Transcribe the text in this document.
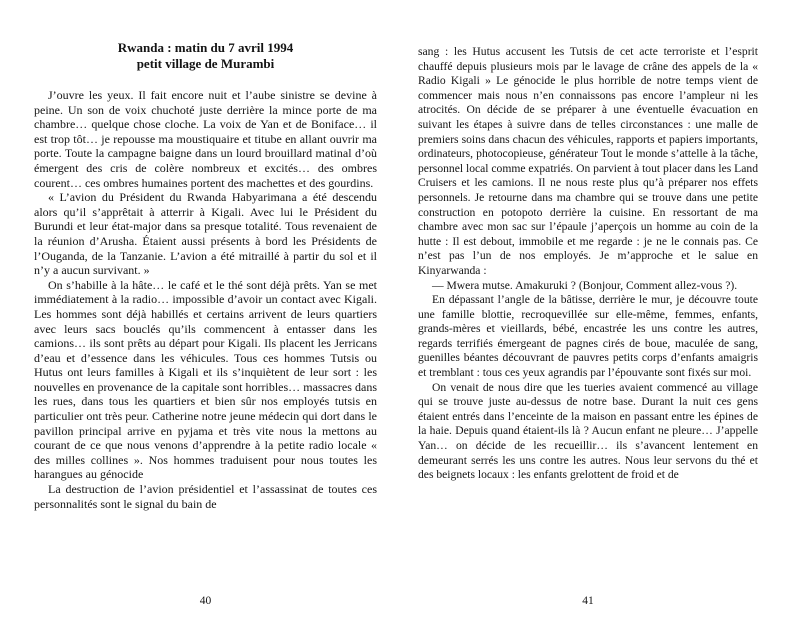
Rwanda : matin du 7 avril 1994
petit village de Murambi

J’ouvre les yeux. Il fait encore nuit et l’aube sinistre se devine à peine. Un son de voix chuchoté juste derrière la mince porte de ma chambre… quelque chose cloche. La voix de Yan et de Boniface… il est trop tôt… je repousse ma moustiquaire et titube en allant ouvrir ma porte. Toute la campagne baigne dans un lourd brouillard matinal d’où émergent des cris de colère nombreux et excités… des ombres courent… ces ombres humaines portent des machettes et des gourdins.

« L’avion du Président du Rwanda Habyarimana a été descendu alors qu’il s’apprêtait à atterrir à Kigali. Avec lui le Président du Burundi et leur état-major dans sa presque totalité. Tous revenaient de la réunion d’Arusha. Étaient aussi présents à bord les Présidents de l’Ouganda, de la Tanzanie. L’avion a été mitraillé à partir du sol et il n’y a aucun survivant. »

On s’habille à la hâte… le café et le thé sont déjà prêts. Yan se met immédiatement à la radio… impossible d’avoir un contact avec Kigali. Les hommes sont déjà habillés et certains arrivent de leurs quartiers avec leurs sacs bouclés qu’ils commencent à entasser dans les camions… ils sont prêts au départ pour Kigali. Ils placent les Jerricans d’eau et d’essence dans les véhicules. Tous ces hommes Tutsis ou Hutus ont leurs familles à Kigali et ils s’inquiètent de leur sort : les nouvelles en provenance de la capitale sont horribles… massacres dans les rues, dans tous les quartiers et bien sûr nos employés tutsis en particulier ont très peur. Catherine notre jeune médecin qui dort dans le pavillon principal arrive en pyjama et très vite nous la mettons au courant de ce que nous venons d’apprendre à la petite radio locale « des milles collines ». Nos hommes traduisent pour nous toutes les harangues au génocide

La destruction de l’avion présidentiel et l’assassinat de toutes ces personnalités sont le signal du bain de

sang : les Hutus accusent les Tutsis de cet acte terroriste et l’esprit chauffé depuis plusieurs mois par le lavage de crâne des appels de la « Radio Kigali » Le génocide le plus horrible de notre temps vient de commencer mais nous n’en connaissons pas encore l’ampleur ni les atrocités. On décide de se préparer à une éventuelle évacuation en suivant les étapes à suivre dans de telles circonstances : une malle de premiers soins dans chacun des véhicules, rapports et papiers importants, ordinateurs, photocopieuse, générateur Tout le monde s’attelle à la tâche, personnel local comme expatriés. On parvient à tout placer dans les Land Cruisers et les camions. Il ne nous reste plus qu’à préparer nos effets personnels. Je retourne dans ma chambre qui se trouve dans une petite construction en potopoto derrière la cuisine. En ressortant de ma chambre avec mon sac sur l’épaule j’aperçois un homme au coin de la hutte : Il est debout, immobile et me regarde : je ne le connais pas. Ce n’est pas l’un de nos employés. Je m’approche et le salue en Kinyarwanda :

— Mwera mutse. Amakuruki ? (Bonjour, Comment allez-vous ?).

En dépassant l’angle de la bâtisse, derrière le mur, je découvre toute une famille blottie, recroquevillée sur elle-même, femmes, enfants, grands-mères et vieillards, bébé, encastrée les uns contre les autres, regards terrifiés émergeant de pagnes cirés de boue, maculée de sang, guenilles béantes découvrant de pauvres petits corps d’enfants amaigris et tremblant : tous ces yeux agrandis par l’épouvante sont fixés sur moi.

On venait de nous dire que les tueries avaient commencé au village qui se trouve juste au-dessus de notre base. Durant la nuit ces gens étaient entrés dans l’enceinte de la maison en passant entre les épines de la haie. Depuis quand étaient-ils là ? Aucun enfant ne pleure… J’appelle Yan… on décide de les recueillir… ils s’avancent lentement en demeurant serrés les uns contre les autres. Nous leur servons du thé et des beignets locaux : les enfants grelottent de froid et de

40	41
